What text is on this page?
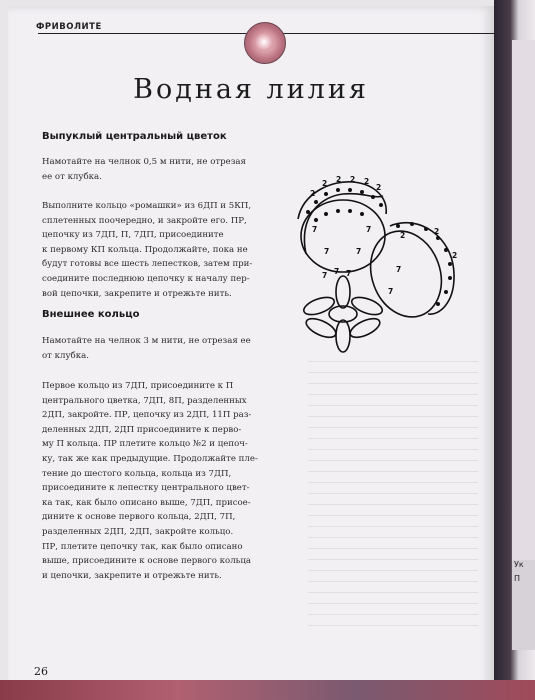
ФРИВОЛИТЕ
Водная лилия
Выпуклый центральный цветок
Намотайте на челнок 0,5 м нити, не отрезая
ее от клубка.
Выполните кольцо «ромашки» из 6ДП и 5КП,
сплетенных поочередно, и закройте его. ПР,
цепочку из 7ДП, П, 7ДП, присоедините
к первому КП кольца. Продолжайте, пока не
будут готовы все шесть лепестков, затем при-
соедините последнюю цепочку к началу пер-
вой цепочки, закрепите и отрежьте нить.
Внешнее кольцо
Намотайте на челнок 3 м нити, не отрезая ее
от клубка.
Первое кольцо из 7ДП, присоедините к П
центрального цветка, 7ДП, 8П, разделенных
2ДП, закройте. ПР, цепочку из 2ДП, 11П раз-
деленных 2ДП, 2ДП присоедините к перво-
му П кольца. ПР плетите кольцо №2 и цепоч-
ку, так же как предыдущие. Продолжайте пле-
тение до шестого кольца, кольца из 7ДП,
присоедините к лепестку центрального цвет-
ка так, как было описано выше, 7ДП, присое-
дините к основе первого кольца, 2ДП, 7П,
разделенных 2ДП, 2ДП, закройте кольцо.
ПР, плетите цепочку так, как было описано
выше, присоедините к основе первого кольца
и цепочки, закрепите и отрежьте нить.
2
2 2 2 2
2
7	7
7	7
2	2
2
7
7
7 7 7
26
Ук
П
